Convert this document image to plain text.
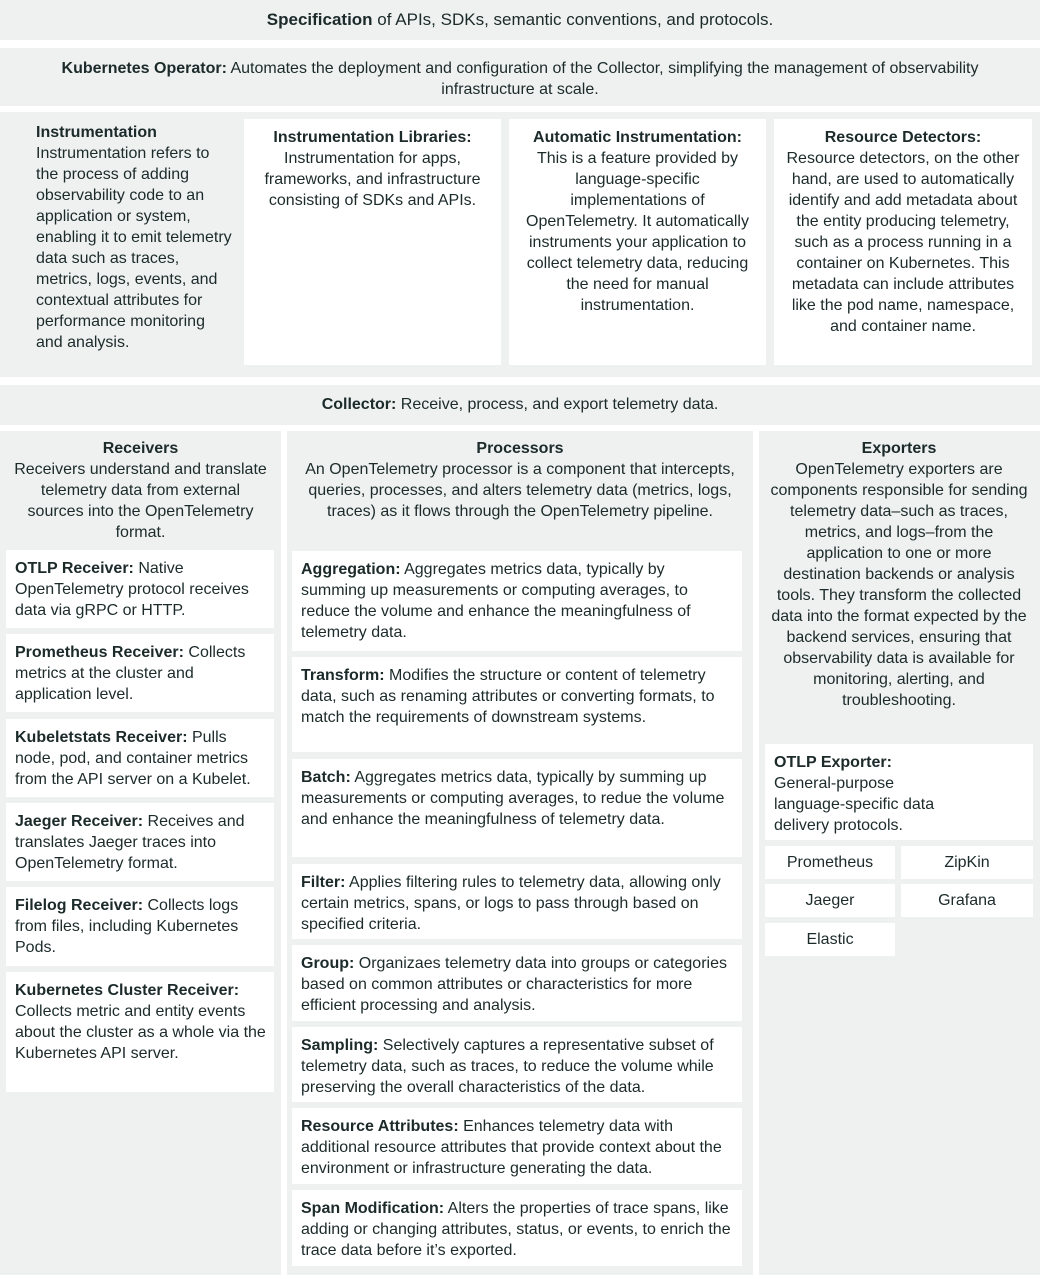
Specification of APIs, SDKs, semantic conventions, and protocols.
Kubernetes Operator: Automates the deployment and configuration of the Collector, simplifying the management of observability infrastructure at scale.
Instrumentation
Instrumentation refers to the process of adding observability code to an application or system, enabling it to emit telemetry data such as traces, metrics, logs, events, and contextual attributes for performance monitoring and analysis.
Instrumentation Libraries:
Instrumentation for apps, frameworks, and infrastructure consisting of SDKs and APIs.
Automatic Instrumentation:
This is a feature provided by language-specific implementations of OpenTelemetry. It automatically instruments your application to collect telemetry data, reducing the need for manual instrumentation.
Resource Detectors:
Resource detectors, on the other hand, are used to automatically identify and add metadata about the entity producing telemetry, such as a process running in a container on Kubernetes. This metadata can include attributes like the pod name, namespace, and container name.
Collector: Receive, process, and export telemetry data.
Receivers
Receivers understand and translate telemetry data from external sources into the OpenTelemetry format.
OTLP Receiver: Native OpenTelemetry protocol receives data via gRPC or HTTP.
Prometheus Receiver: Collects metrics at the cluster and application level.
Kubeletstats Receiver: Pulls node, pod, and container metrics from the API server on a Kubelet.
Jaeger Receiver: Receives and translates Jaeger traces into OpenTelemetry format.
Filelog Receiver: Collects logs from files, including Kubernetes Pods.
Kubernetes Cluster Receiver: Collects metric and entity events about the cluster as a whole via the Kubernetes API server.
Processors
An OpenTelemetry processor is a component that intercepts, queries, processes, and alters telemetry data (metrics, logs, traces) as it flows through the OpenTelemetry pipeline.
Aggregation: Aggregates metrics data, typically by summing up measurements or computing averages, to reduce the volume and enhance the meaningfulness of telemetry data.
Transform: Modifies the structure or content of telemetry data, such as renaming attributes or converting formats, to match the requirements of downstream systems.
Batch: Aggregates metrics data, typically by summing up measurements or computing averages, to redue the volume and enhance the meaningfulness of telemetry data.
Filter: Applies filtering rules to telemetry data, allowing only certain metrics, spans, or logs to pass through based on specified criteria.
Group: Organizaes telemetry data into groups or categories based on common attributes or characteristics for more efficient processing and analysis.
Sampling: Selectively captures a representative subset of telemetry data, such as traces, to reduce the volume while preserving the overall characteristics of the data.
Resource Attributes: Enhances telemetry data with additional resource attributes that provide context about the environment or infrastructure generating the data.
Span Modification: Alters the properties of trace spans, like adding or changing attributes, status, or events, to enrich the trace data before it’s exported.
Exporters
OpenTelemetry exporters are components responsible for sending telemetry data–such as traces, metrics, and logs–from the application to one or more destination backends or analysis tools. They transform the collected data into the format expected by the backend services, ensuring that observability data is available for monitoring, alerting, and troubleshooting.
OTLP Exporter:
General-purpose language-specific data delivery protocols.
Prometheus	ZipKin
Jaeger	Grafana
Elastic
